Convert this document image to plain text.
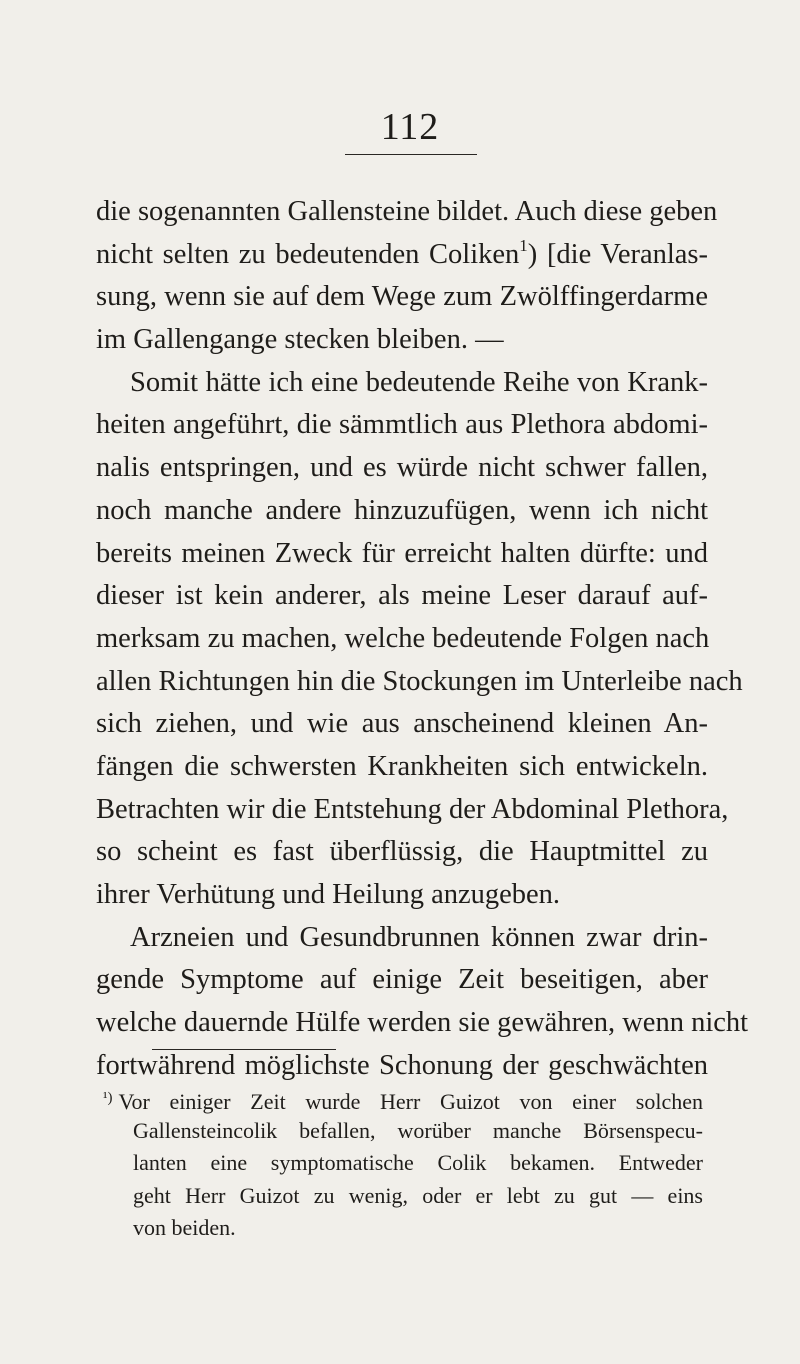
112
die sogenannten Gallensteine bildet. Auch diese geben
nicht selten zu bedeutenden Coliken$^1$) [die Veranlas-
sung, wenn sie auf dem Wege zum Zwölffingerdarme
im Gallengange stecken bleiben. —
Somit hätte ich eine bedeutende Reihe von Krank-
heiten angeführt, die sämmtlich aus Plethora abdomi-
nalis entspringen, und es würde nicht schwer fallen,
noch manche andere hinzuzufügen, wenn ich nicht
bereits meinen Zweck für erreicht halten dürfte: und
dieser ist kein anderer, als meine Leser darauf auf-
merksam zu machen, welche bedeutende Folgen nach
allen Richtungen hin die Stockungen im Unterleibe nach
sich ziehen, und wie aus anscheinend kleinen An-
fängen die schwersten Krankheiten sich entwickeln.
Betrachten wir die Entstehung der Abdominal Plethora,
so scheint es fast überflüssig, die Hauptmittel zu
ihrer Verhütung und Heilung anzugeben.
Arzneien und Gesundbrunnen können zwar drin-
gende Symptome auf einige Zeit beseitigen, aber
welche dauernde Hülfe werden sie gewähren, wenn nicht
fortwährend möglichste Schonung der geschwächten
$^{^1)}$ Vor einiger Zeit wurde Herr Guizot von einer solchen
Gallensteincolik befallen, worüber manche Börsenspecu-
lanten eine symptomatische Colik bekamen. Entweder
geht Herr Guizot zu wenig, oder er lebt zu gut — eins
von beiden.
